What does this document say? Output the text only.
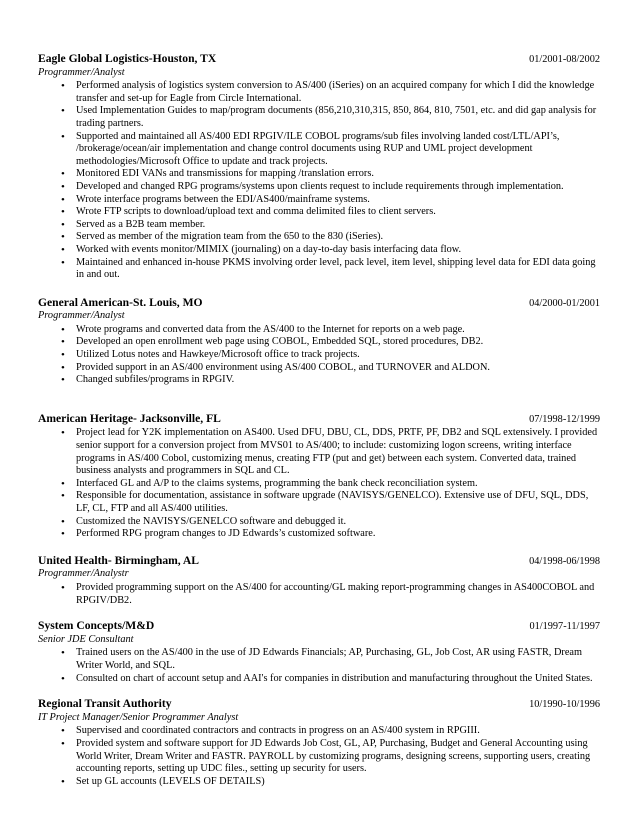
Eagle Global Logistics-Houston, TX	01/2001-08/2002
Programmer/Analyst
• Performed analysis of logistics system conversion to AS/400 (iSeries) on an acquired company for which I did the knowledge transfer and set-up for Eagle from Circle International.
• Used Implementation Guides to map/program documents (856,210,310,315, 850, 864, 810, 7501, etc. and did gap analysis for trading partners.
• Supported and maintained all AS/400 EDI RPGIV/ILE COBOL programs/sub files involving landed cost/LTL/API’s, /brokerage/ocean/air implementation and change control documents using RUP and UML project development methodologies/Microsoft Office to update and track projects.
• Monitored EDI VANs and transmissions for mapping /translation errors.
• Developed and changed RPG programs/systems upon clients request to include requirements through implementation.
• Wrote interface programs between the EDI/AS400/mainframe systems.
• Wrote FTP scripts to download/upload text and comma delimited files to client servers.
• Served as a B2B team member.
• Served as member of the migration team from the 650 to the 830 (iSeries).
• Worked with events monitor/MIMIX (journaling) on a day-to-day basis interfacing data flow.
• Maintained and enhanced in-house PKMS involving order level, pack level, item level, shipping level data for EDI data going in and out.
General American-St. Louis, MO	04/2000-01/2001
Programmer/Analyst
• Wrote programs and converted data from the AS/400 to the Internet for reports on a web page.
• Developed an open enrollment web page using COBOL, Embedded SQL, stored procedures, DB2.
• Utilized Lotus notes and Hawkeye/Microsoft office to track projects.
• Provided support in an AS/400 environment using AS/400 COBOL, and TURNOVER and ALDON.
• Changed subfiles/programs in RPGIV.
American Heritage- Jacksonville, FL	07/1998-12/1999
• Project lead for Y2K implementation on AS400. Used DFU, DBU, CL, DDS, PRTF, PF, DB2 and SQL extensively. I provided senior support for a conversion project from MVS01 to AS/400; to include: customizing logon screens, writing interface programs in AS/400 Cobol, customizing menus, creating FTP (put and get) between each system. Converted data, trained business analysts and programmers in SQL and CL.
• Interfaced GL and A/P to the claims systems, programming the bank check reconciliation system.
• Responsible for documentation, assistance in software upgrade (NAVISYS/GENELCO). Extensive use of DFU, SQL, DDS, LF, CL, FTP and all AS/400 utilities.
• Customized the NAVISYS/GENELCO software and debugged it.
• Performed RPG program changes to JD Edwards’s customized software.
United Health- Birmingham, AL	04/1998-06/1998
Programmer/Analystr
• Provided programming support on the AS/400 for accounting/GL making report-programming changes in AS400COBOL and RPGIV/DB2.
System Concepts/M&D	01/1997-11/1997
Senior JDE Consultant
• Trained users on the AS/400 in the use of JD Edwards Financials; AP, Purchasing, GL, Job Cost, AR using FASTR, Dream Writer World, and SQL.
• Consulted on chart of account setup and AAI's for companies in distribution and manufacturing throughout the United States.
Regional Transit Authority	10/1990-10/1996
IT Project Manager/Senior Programmer Analyst
• Supervised and coordinated contractors and contracts in progress on an AS/400 system in RPGIII.
• Provided system and software support for JD Edwards Job Cost, GL, AP, Purchasing, Budget and General Accounting using World Writer, Dream Writer and FASTR. PAYROLL by customizing programs, designing screens, supporting users, creating accounting reports, setting up UDC files., setting up security for users.
• Set up GL accounts (LEVELS OF DETAILS)
